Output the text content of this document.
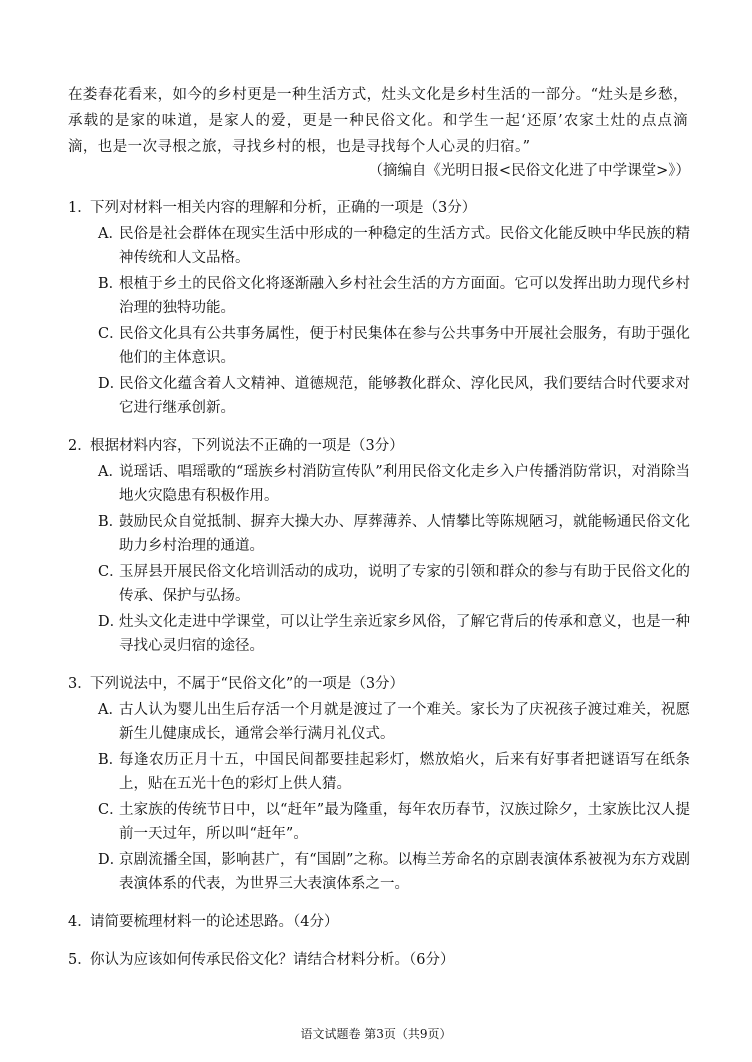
在娄春花看来，如今的乡村更是一种生活方式，灶头文化是乡村生活的一部分。“灶头是乡愁，承载的是家的味道，是家人的爱，更是一种民俗文化。和学生一起‘还原’农家土灶的点点滴滴，也是一次寻根之旅，寻找乡村的根，也是寻找每个人心灵的归宿。”

（摘编自《光明日报<民俗文化进了中学课堂>》）
1．下列对材料一相关内容的理解和分析，正确的一项是（3分）
A．
民俗是社会群体在现实生活中形成的一种稳定的生活方式。民俗文化能反映中华民族的精神传统和人文品格。
B．
根植于乡土的民俗文化将逐渐融入乡村社会生活的方方面面。它可以发挥出助力现代乡村治理的独特功能。
C．
民俗文化具有公共事务属性，便于村民集体在参与公共事务中开展社会服务，有助于强化他们的主体意识。
D．
民俗文化蕴含着人文精神、道德规范，能够教化群众、淳化民风，我们要结合时代要求对它进行继承创新。
2．根据材料内容，下列说法不正确的一项是（3分）
A．
说瑶话、唱瑶歌的“瑶族乡村消防宣传队”利用民俗文化走乡入户传播消防常识，对消除当地火灾隐患有积极作用。
B．
鼓励民众自觉抵制、摒弃大操大办、厚葬薄养、人情攀比等陈规陋习，就能畅通民俗文化助力乡村治理的通道。
C．
玉屏县开展民俗文化培训活动的成功，说明了专家的引领和群众的参与有助于民俗文化的传承、保护与弘扬。
D．
灶头文化走进中学课堂，可以让学生亲近家乡风俗，了解它背后的传承和意义，也是一种寻找心灵归宿的途径。
3．下列说法中，不属于“民俗文化”的一项是（3分）
A．
古人认为婴儿出生后存活一个月就是渡过了一个难关。家长为了庆祝孩子渡过难关，祝愿新生儿健康成长，通常会举行满月礼仪式。
B．
每逢农历正月十五，中国民间都要挂起彩灯，燃放焰火，后来有好事者把谜语写在纸条上，贴在五光十色的彩灯上供人猜。
C．
土家族的传统节日中，以“赶年”最为隆重，每年农历春节，汉族过除夕，土家族比汉人提前一天过年，所以叫“赶年”。
D．
京剧流播全国，影响甚广，有“国剧”之称。以梅兰芳命名的京剧表演体系被视为东方戏剧表演体系的代表，为世界三大表演体系之一。
4．请简要梳理材料一的论述思路。（4分）
5．你认为应该如何传承民俗文化？请结合材料分析。（6分）
语文试题卷 第3页（共9页）
